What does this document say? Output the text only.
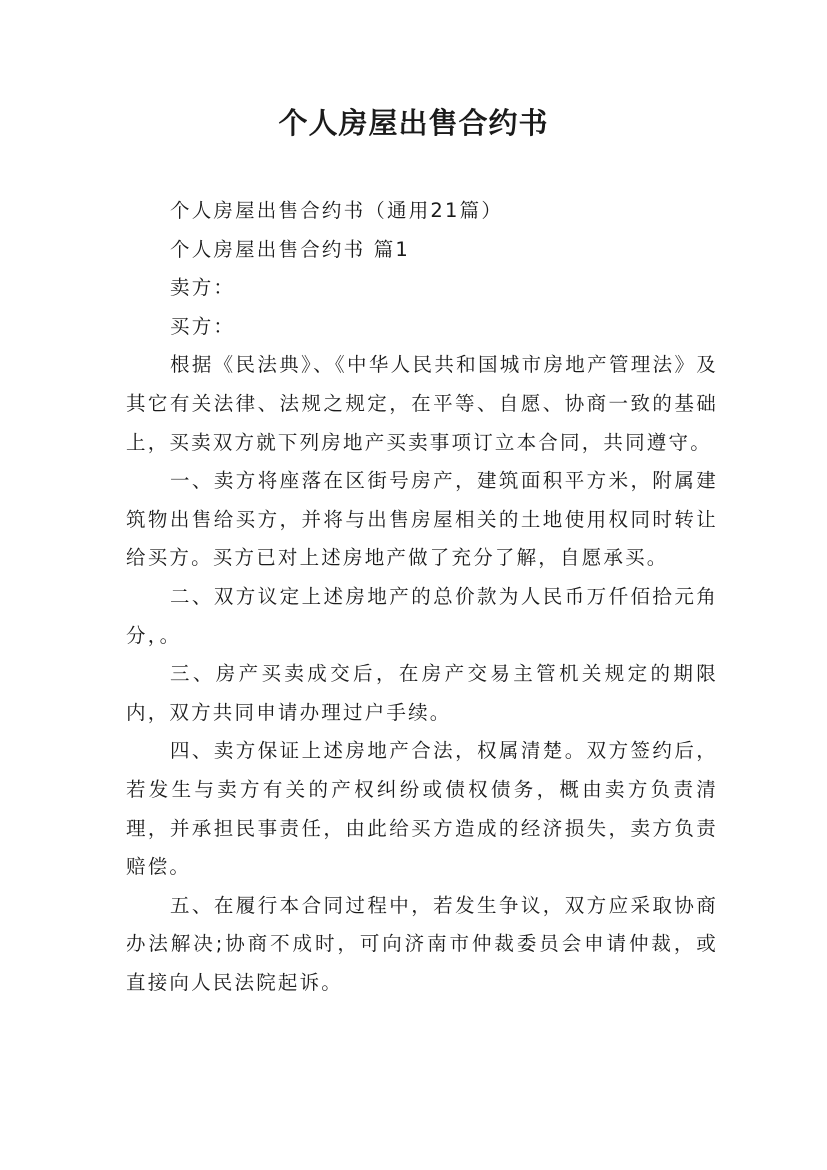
个人房屋出售合约书

个人房屋出售合约书（通用21篇）

个人房屋出售合约书 篇1

卖方：

买方：

根据《民法典》、《中华人民共和国城市房地产管理法》及其它有关法律、法规之规定，在平等、自愿、协商一致的基础上，买卖双方就下列房地产买卖事项订立本合同，共同遵守。

一、卖方将座落在区街号房产，建筑面积平方米，附属建筑物出售给买方，并将与出售房屋相关的土地使用权同时转让给买方。买方已对上述房地产做了充分了解，自愿承买。

二、双方议定上述房地产的总价款为人民币万仟佰拾元角分，。

三、房产买卖成交后，在房产交易主管机关规定的期限内，双方共同申请办理过户手续。

四、卖方保证上述房地产合法，权属清楚。双方签约后，若发生与卖方有关的产权纠纷或债权债务，概由卖方负责清理，并承担民事责任，由此给买方造成的经济损失，卖方负责赔偿。

五、在履行本合同过程中，若发生争议，双方应采取协商办法解决;协商不成时，可向济南市仲裁委员会申请仲裁，或直接向人民法院起诉。
